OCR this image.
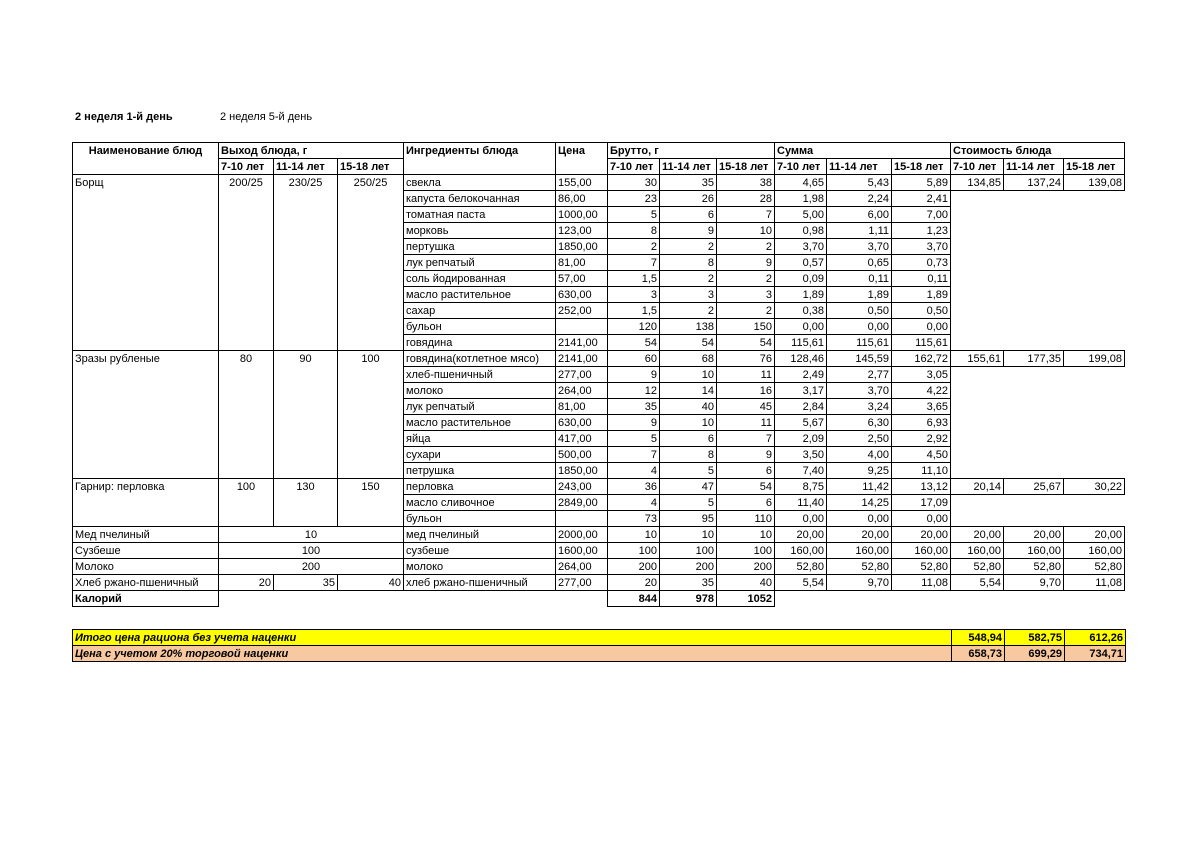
2 неделя 1-й день	2 неделя 5-й день
Наименование блюд	Выход блюда, г			Ингредиенты блюда	Цена	Брутто, г			Сумма			Стоимость блюда		
	7-10 лет	11-14 лет	15-18 лет			7-10 лет	11-14 лет	15-18 лет	7-10 лет	11-14 лет	15-18 лет	7-10 лет	11-14 лет	15-18 лет
Борщ	200/25	230/25	250/25	свекла	155,00	30	35	38	4,65	5,43	5,89	134,85	137,24	139,08
				капуста белокочанная	86,00	23	26	28	1,98	2,24	2,41			
				томатная паста	1000,00	5	6	7	5,00	6,00	7,00			
				морковь	123,00	8	9	10	0,98	1,11	1,23			
				пертушка	1850,00	2	2	2	3,70	3,70	3,70			
				лук репчатый	81,00	7	8	9	0,57	0,65	0,73			
				соль йодированная	57,00	1,5	2	2	0,09	0,11	0,11			
				масло растительное	630,00	3	3	3	1,89	1,89	1,89			
				сахар	252,00	1,5	2	2	0,38	0,50	0,50			
				бульон		120	138	150	0,00	0,00	0,00			
				говядина	2141,00	54	54	54	115,61	115,61	115,61			
Зразы рубленые	80	90	100	говядина(котлетное мясо)	2141,00	60	68	76	128,46	145,59	162,72	155,61	177,35	199,08
				хлеб-пшеничный	277,00	9	10	11	2,49	2,77	3,05			
				молоко	264,00	12	14	16	3,17	3,70	4,22			
				лук репчатый	81,00	35	40	45	2,84	3,24	3,65			
				масло растительное	630,00	9	10	11	5,67	6,30	6,93			
				яйца	417,00	5	6	7	2,09	2,50	2,92			
				сухари	500,00	7	8	9	3,50	4,00	4,50			
				петрушка	1850,00	4	5	6	7,40	9,25	11,10			
Гарнир: перловка	100	130	150	перловка	243,00	36	47	54	8,75	11,42	13,12	20,14	25,67	30,22
				масло сливочное	2849,00	4	5	6	11,40	14,25	17,09			
				бульон		73	95	110	0,00	0,00	0,00			
Мед пчелиный	10			мед пчелиный	2000,00	10	10	10	20,00	20,00	20,00	20,00	20,00	20,00
Сузбеше	100			сузбеше	1600,00	100	100	100	160,00	160,00	160,00	160,00	160,00	160,00
Молоко	200			молоко	264,00	200	200	200	52,80	52,80	52,80	52,80	52,80	52,80
Хлеб ржано-пшеничный	20	35	40	хлеб ржано-пшеничный	277,00	20	35	40	5,54	9,70	11,08	5,54	9,70	11,08
Калорий						844	978	1052						
Итого цена рациона без учета наценки	548,94	582,75	612,26
Цена с учетом 20% торговой наценки	658,73	699,29	734,71
